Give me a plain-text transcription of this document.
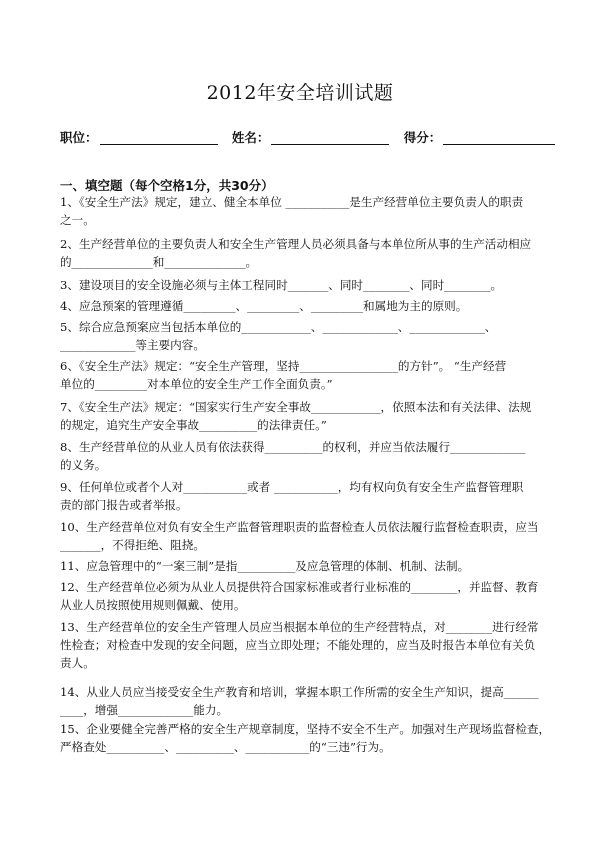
2012年安全培训试题
职位：	姓名：	得分：
一、填空题（每个空格1分，共30分）
1、《安全生产法》规定，建立、健全本单位 ___________是生产经营单位主要负责人的职责
之一。
2、生产经营单位的主要负责人和安全生产管理人员必须具备与本单位所从事的生产活动相应
的______________和______________。
3、建设项目的安全设施必须与主体工程同时_______、同时________、同时________。
4、应急预案的管理遵循_________、_________、_________和属地为主的原则。
5、综合应急预案应当包括本单位的____________、_____________、_____________、
_____________等主要内容。
6、《安全生产法》规定：“安全生产管理，坚持_________________的方针”。 “生产经营
单位的_________对本单位的安全生产工作全面负责。”
7、《安全生产法》规定：“国家实行生产安全事故____________，依照本法和有关法律、法规
的规定，追究生产安全事故__________的法律责任。”
8、生产经营单位的从业人员有依法获得__________的权利，并应当依法履行_____________
的义务。
9、任何单位或者个人对___________或者 ___________，均有权向负有安全生产监督管理职
责的部门报告或者举报。
10、生产经营单位对负有安全生产监督管理职责的监督检查人员依法履行监督检查职责，应当
_______，不得拒绝、阻挠。
11、应急管理中的“一案三制”是指__________及应急管理的体制、机制、法制。
12、生产经营单位必须为从业人员提供符合国家标准或者行业标准的________，并监督、教育
从业人员按照使用规则佩戴、使用。
13、生产经营单位的安全生产管理人员应当根据本单位的生产经营特点，对________进行经常
性检查；对检查中发现的安全问题，应当立即处理；不能处理的，应当及时报告本单位有关负
责人。
14、从业人员应当接受安全生产教育和培训，掌握本职工作所需的安全生产知识，提高______
____，增强_____________能力。
15、企业要健全完善严格的安全生产规章制度，坚持不安全不生产。加强对生产现场监督检查，
严格查处__________、__________、___________的“三违”行为。
